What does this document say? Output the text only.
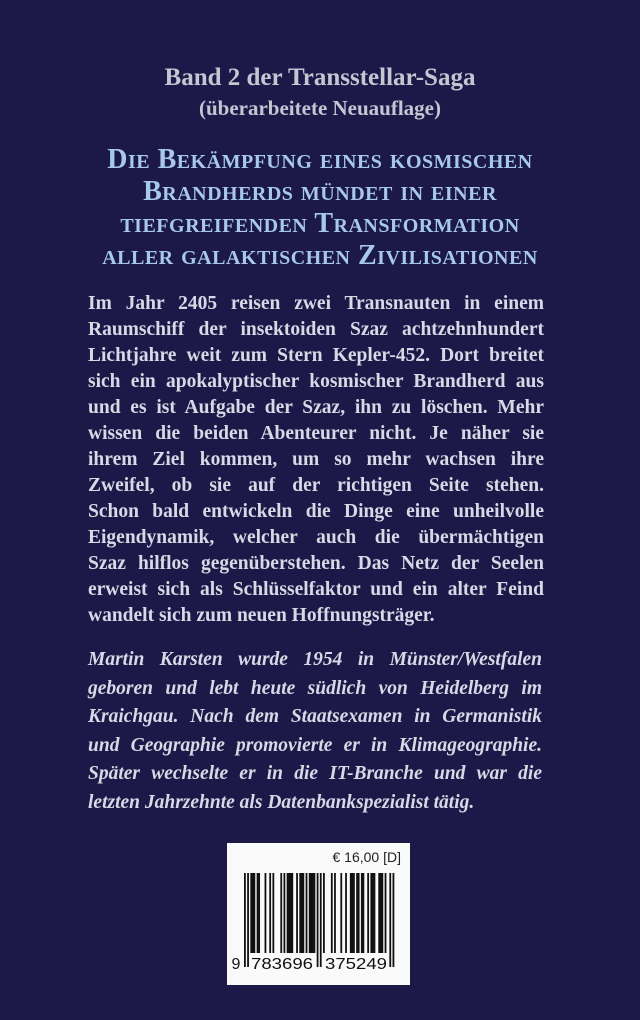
Band 2 der Transstellar-Saga
(überarbeitete Neuauflage)
Die Bekämpfung eines kosmischen
Brandherds mündet in einer
tiefgreifenden Transformation
aller galaktischen Zivilisationen
Im Jahr 2405 reisen zwei Transnauten in einem
Raumschiff der insektoiden Szaz achtzehnhundert
Lichtjahre weit zum Stern Kepler-452. Dort breitet
sich ein apokalyptischer kosmischer Brandherd aus
und es ist Aufgabe der Szaz, ihn zu löschen. Mehr
wissen die beiden Abenteurer nicht. Je näher sie
ihrem Ziel kommen, um so mehr wachsen ihre
Zweifel, ob sie auf der richtigen Seite stehen.
Schon bald entwickeln die Dinge eine unheilvolle
Eigendynamik, welcher auch die übermächtigen
Szaz hilflos gegenüberstehen. Das Netz der Seelen
erweist sich als Schlüsselfaktor und ein alter Feind
wandelt sich zum neuen Hoffnungsträger.
Martin Karsten wurde 1954 in Münster/Westfalen
geboren und lebt heute südlich von Heidelberg im
Kraichgau. Nach dem Staatsexamen in Germanistik
und Geographie promovierte er in Klimageographie.
Später wechselte er in die IT-Branche und war die
letzten Jahrzehnte als Datenbankspezialist tätig.
€ 16,00 [D]
9 783696 375249
